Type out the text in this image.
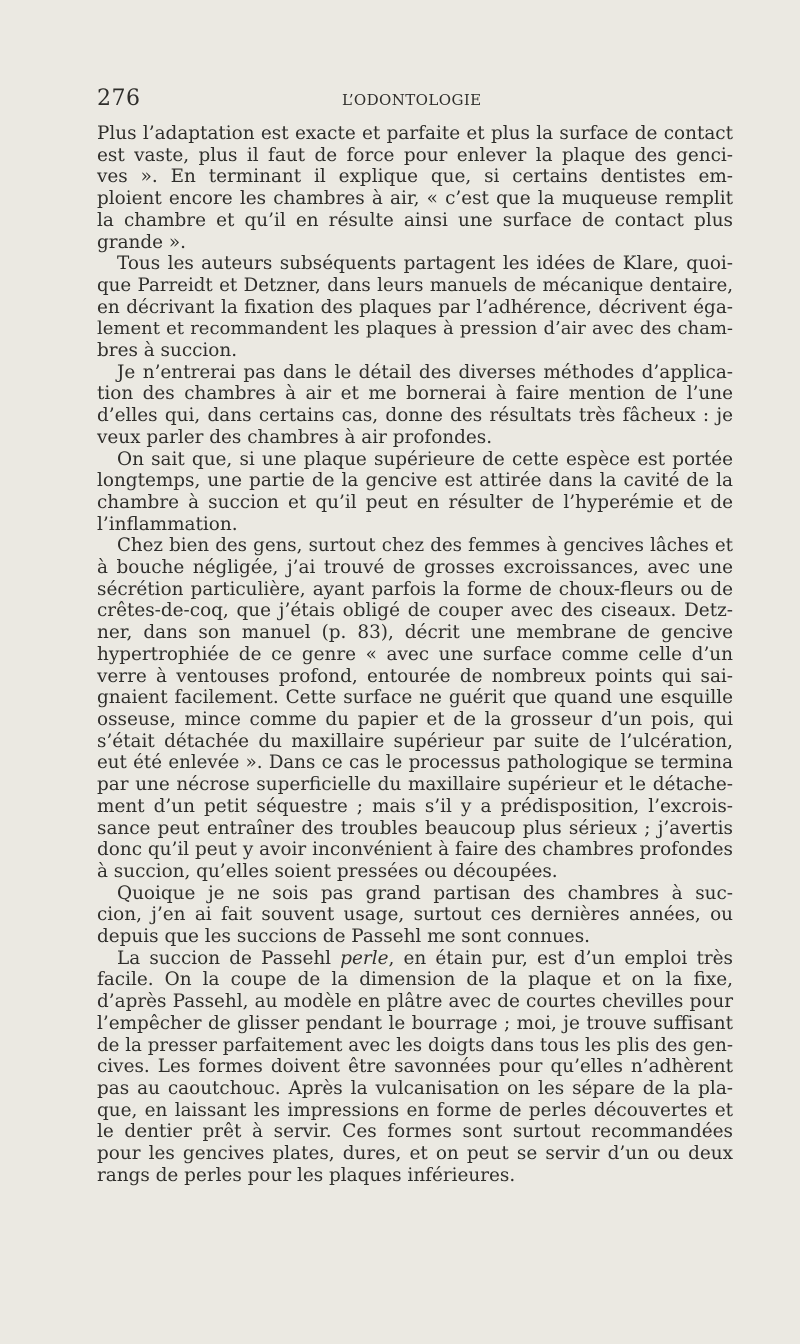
276	L’ODONTOLOGIE
Plus l’adaptation est exacte et parfaite et plus la surface de contact
est vaste, plus il faut de force pour enlever la plaque des genci-
ves ». En terminant il explique que, si certains dentistes em-
ploient encore les chambres à air, « c’est que la muqueuse remplit
la chambre et qu’il en résulte ainsi une surface de contact plus
grande ».
Tous les auteurs subséquents partagent les idées de Klare, quoi-
que Parreidt et Detzner, dans leurs manuels de mécanique dentaire,
en décrivant la fixation des plaques par l’adhérence, décrivent éga-
lement et recommandent les plaques à pression d’air avec des cham-
bres à succion.
Je n’entrerai pas dans le détail des diverses méthodes d’applica-
tion des chambres à air et me bornerai à faire mention de l’une
d’elles qui, dans certains cas, donne des résultats très fâcheux : je
veux parler des chambres à air profondes.
On sait que, si une plaque supérieure de cette espèce est portée
longtemps, une partie de la gencive est attirée dans la cavité de la
chambre à succion et qu’il peut en résulter de l’hyperémie et de
l’inflammation.
Chez bien des gens, surtout chez des femmes à gencives lâches et
à bouche négligée, j’ai trouvé de grosses excroissances, avec une
sécrétion particulière, ayant parfois la forme de choux-fleurs ou de
crêtes-de-coq, que j’étais obligé de couper avec des ciseaux. Detz-
ner, dans son manuel (p. 83), décrit une membrane de gencive
hypertrophiée de ce genre « avec une surface comme celle d’un
verre à ventouses profond, entourée de nombreux points qui sai-
gnaient facilement. Cette surface ne guérit que quand une esquille
osseuse, mince comme du papier et de la grosseur d’un pois, qui
s’était détachée du maxillaire supérieur par suite de l’ulcération,
eut été enlevée ». Dans ce cas le processus pathologique se termina
par une nécrose superficielle du maxillaire supérieur et le détache-
ment d’un petit séquestre ; mais s’il y a prédisposition, l’excrois-
sance peut entraîner des troubles beaucoup plus sérieux ; j’avertis
donc qu’il peut y avoir inconvénient à faire des chambres profondes
à succion, qu’elles soient pressées ou découpées.
Quoique je ne sois pas grand partisan des chambres à suc-
cion, j’en ai fait souvent usage, surtout ces dernières années, ou
depuis que les succions de Passehl me sont connues.
La succion de Passehl perle, en étain pur, est d’un emploi très
facile. On la coupe de la dimension de la plaque et on la fixe,
d’après Passehl, au modèle en plâtre avec de courtes chevilles pour
l’empêcher de glisser pendant le bourrage ; moi, je trouve suffisant
de la presser parfaitement avec les doigts dans tous les plis des gen-
cives. Les formes doivent être savonnées pour qu’elles n’adhèrent
pas au caoutchouc. Après la vulcanisation on les sépare de la pla-
que, en laissant les impressions en forme de perles découvertes et
le dentier prêt à servir. Ces formes sont surtout recommandées
pour les gencives plates, dures, et on peut se servir d’un ou deux
rangs de perles pour les plaques inférieures.
